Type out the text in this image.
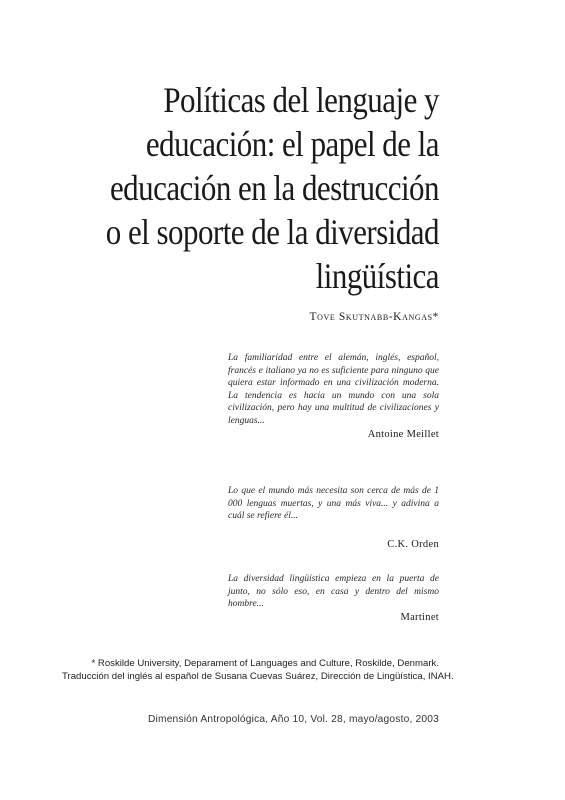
Políticas del lenguaje y
educación: el papel de la
educación en la destrucción
o el soporte de la diversidad
lingüística
Tove Skutnabb-Kangas*

La familiaridad entre el alemán, inglés, español, francés e italiano ya no es suficiente para ninguno que quiera estar informado en una civilización moderna. La tendencia es hacia un mundo con una sola civilización, pero hay una multitud de civilizaciones y lenguas...

Antoine Meillet

Lo que el mundo más necesita son cerca de más de 1 000 lenguas muertas, y una más viva... y adivina a cuál se refiere él...

C.K. Orden

La diversidad lingüística empieza en la puerta de junto, no sólo eso, en casa y dentro del mismo hombre...

Martinet

* Roskilde University, Deparament of Languages and Culture, Roskilde, Denmark.

Traducción del inglés al español de Susana Cuevas Suárez, Dirección de Lingüística, INAH.

Dimensión Antropológica, Año 10, Vol. 28, mayo/agosto, 2003
